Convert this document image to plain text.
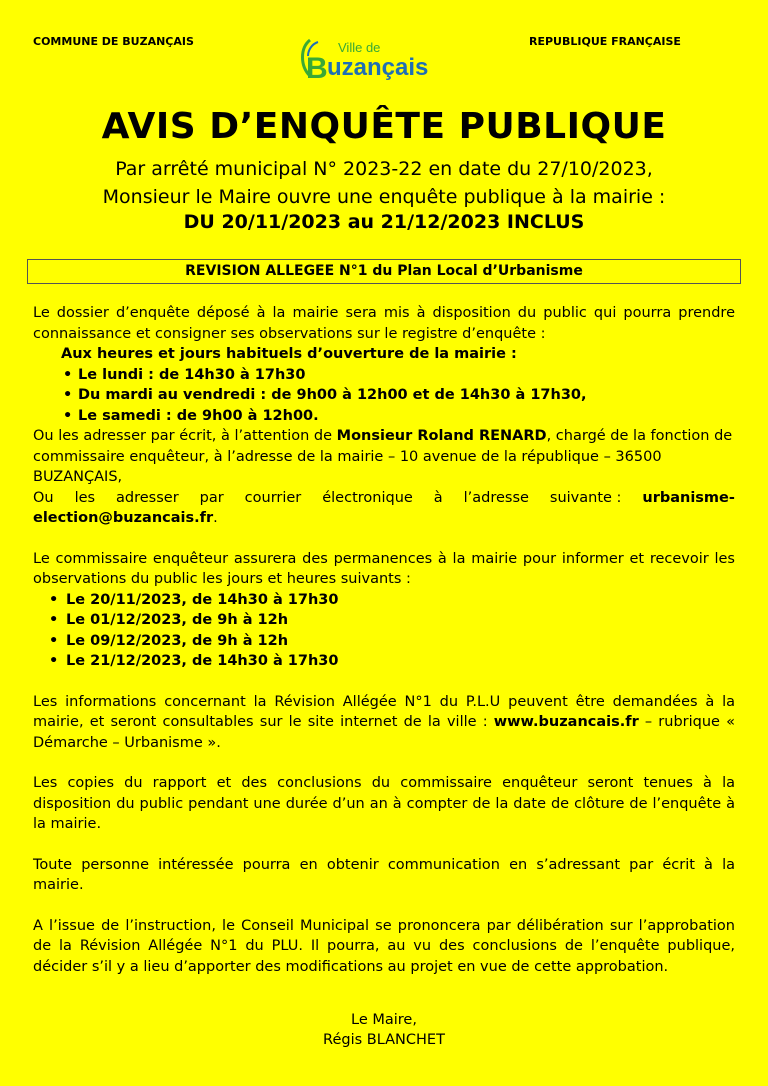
COMMUNE DE BUZANÇAIS	Ville de
B uzançais
REPUBLIQUE FRANÇAISE
AVIS D’ENQUÊTE PUBLIQUE
Par arrêté municipal N° 2023-22 en date du 27/10/2023,
Monsieur le Maire ouvre une enquête publique à la mairie :
DU 20/11/2023 au 21/12/2023 INCLUS
REVISION ALLEGEE N°1 du Plan Local d’Urbanisme

Le dossier d’enquête déposé à la mairie sera mis à disposition du public qui pourra prendre connaissance et consigner ses observations sur le registre d’enquête :

Aux heures et jours habituels d’ouverture de la mairie :

• Le lundi : de 14h30 à 17h30
• Du mardi au vendredi : de 9h00 à 12h00 et de 14h30 à 17h30,
• Le samedi : de 9h00 à 12h00.

Ou les adresser par écrit, à l’attention de Monsieur Roland RENARD, chargé de la fonction de commissaire enquêteur, à l’adresse de la mairie – 10 avenue de la république – 36500 BUZANÇAIS,

Ou les adresser par courrier électronique à l’adresse suivante : urbanisme-

election@buzancais.fr.

Le commissaire enquêteur assurera des permanences à la mairie pour informer et recevoir les observations du public les jours et heures suivants :

• Le 20/11/2023, de 14h30 à 17h30
• Le 01/12/2023, de 9h à 12h
• Le 09/12/2023, de 9h à 12h
• Le 21/12/2023, de 14h30 à 17h30

Les informations concernant la Révision Allégée N°1 du P.L.U peuvent être demandées à la mairie, et seront consultables sur le site internet de la ville : www.buzancais.fr – rubrique « Démarche – Urbanisme ».

Les copies du rapport et des conclusions du commissaire enquêteur seront tenues à la disposition du public pendant une durée d’un an à compter de la date de clôture de l’enquête à la mairie.

Toute personne intéressée pourra en obtenir communication en s’adressant par écrit à la mairie.

A l’issue de l’instruction, le Conseil Municipal se prononcera par délibération sur l’approbation de la Révision Allégée N°1 du PLU. Il pourra, au vu des conclusions de l’enquête publique, décider s’il y a lieu d’apporter des modifications au projet en vue de cette approbation.

Le Maire,
Régis BLANCHET
